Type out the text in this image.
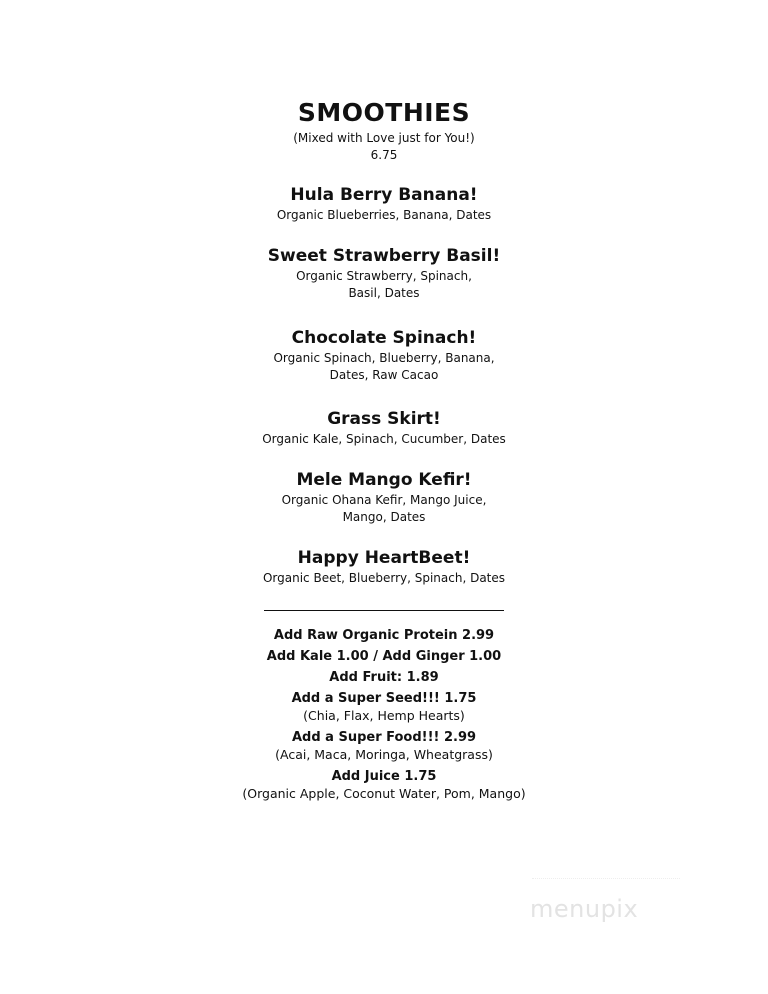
SMOOTHIES
(Mixed with Love just for You!)
6.75
Hula Berry Banana!
Organic Blueberries, Banana, Dates
Sweet Strawberry Basil!
Organic Strawberry, Spinach,
Basil, Dates
Chocolate Spinach!
Organic Spinach, Blueberry, Banana,
Dates, Raw Cacao
Grass Skirt!
Organic Kale, Spinach, Cucumber, Dates
Mele Mango Kefir!
Organic Ohana Kefir, Mango Juice,
Mango, Dates
Happy HeartBeet!
Organic Beet, Blueberry, Spinach, Dates
Add Raw Organic Protein 2.99
Add Kale 1.00 / Add Ginger 1.00
Add Fruit: 1.89
Add a Super Seed!!! 1.75
(Chia, Flax, Hemp Hearts)
Add a Super Food!!! 2.99
(Acai, Maca, Moringa, Wheatgrass)
Add Juice 1.75
(Organic Apple, Coconut Water, Pom, Mango)
menupix
